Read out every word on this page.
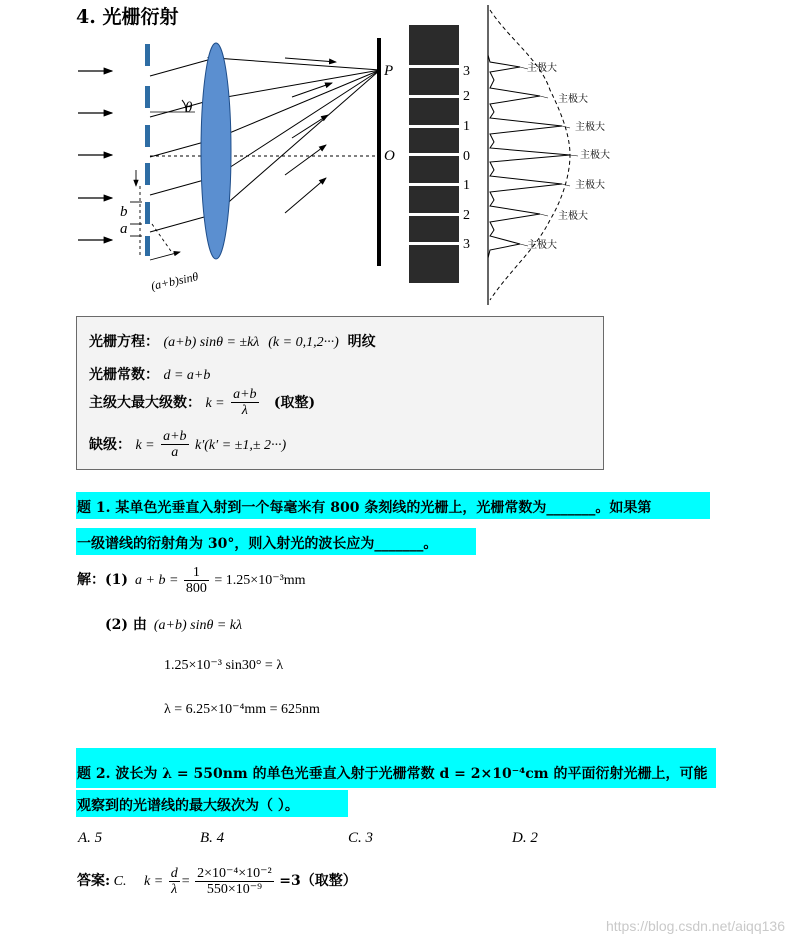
4. 光栅衍射
θ
b
a
(a+b)sinθ
P
O
3
2
1
0
1
2
3
主极大
主极大
主极大
主极大
主极大
主极大
主极大
光栅方程： (a+b) sinθ = ±kλ (k = 0,1,2···) 明纹
光栅常数： d = a+b
主级大最大级数： $k = \frac{a+b}{\lambda}$ (取整)
缺级： $k = \frac{a+b}{a} k'(k' = \pm 1,\pm 2\cdot\cdot\cdot)$
题 1. 某单色光垂直入射到一个每毫米有 800 条刻线的光栅上，光栅常数为_______。如果第
一级谱线的衍射角为 30°，则入射光的波长应为_______。
解：(1) $a + b = \frac{1}{800} = 1.25\times 10^{-3}mm$
(2) 由 (a+b) sinθ = kλ
1.25×10⁻³ sin30° = λ
λ = 6.25×10⁻⁴mm = 625nm
题 2. 波长为 λ = 550nm 的单色光垂直入射于光栅常数 d = 2×10⁻⁴cm 的平面衍射光栅上，可能
观察到的光谱线的最大级次为（ ）。
A. 5	B. 4	C. 3	D. 2
答案: C. $k = \frac{d}{\lambda} = \frac{\text{2×10⁻⁴×10⁻²}}{\text{550×10⁻⁹}} =3$（取整）
https://blog.csdn.net/aiqq136
